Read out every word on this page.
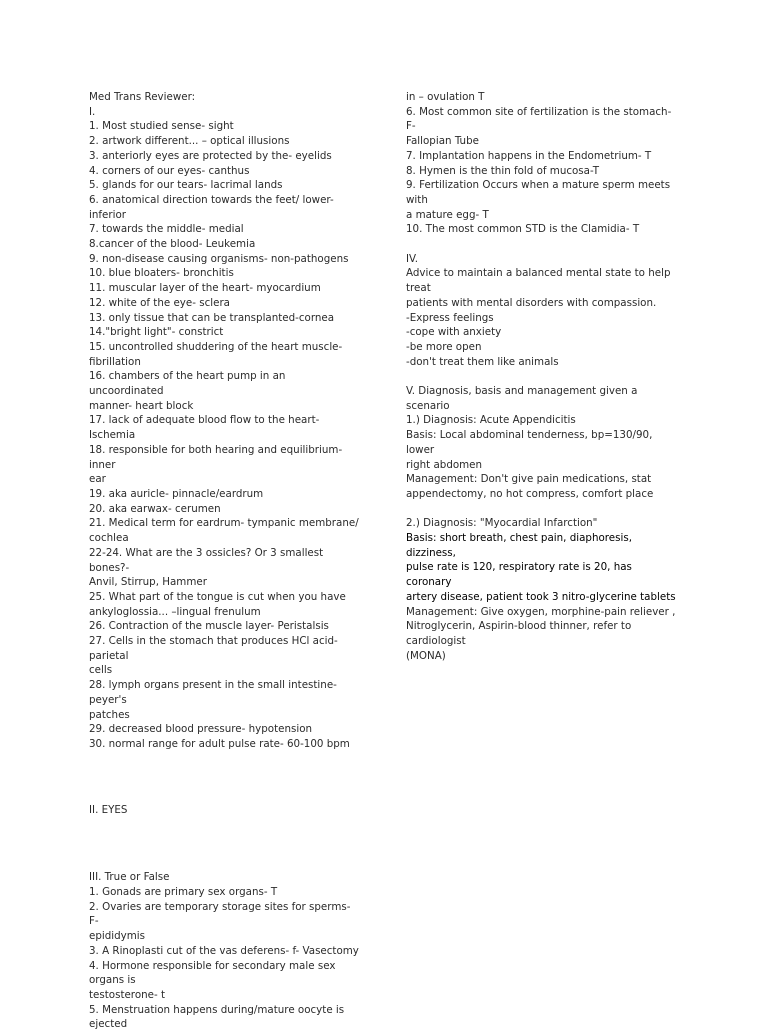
Med Trans Reviewer:

I.

1. Most studied sense- sight

2. artwork different... – optical illusions

3. anteriorly eyes are protected by the- eyelids

4. corners of our eyes- canthus

5. glands for our tears- lacrimal lands

6. anatomical direction towards the feet/ lower- inferior

7. towards the middle- medial

8.cancer of the blood- Leukemia

9. non-disease causing organisms- non-pathogens

10. blue bloaters- bronchitis

11. muscular layer of the heart- myocardium

12. white of the eye- sclera

13. only tissue that can be transplanted-cornea

14."bright light"- constrict

15. uncontrolled shuddering of the heart muscle-

fibrillation

16. chambers of the heart pump in an uncoordinated

manner- heart block

17. lack of adequate blood flow to the heart- Ischemia

18. responsible for both hearing and equilibrium- inner

ear

19. aka auricle- pinnacle/eardrum

20. aka earwax- cerumen

21. Medical term for eardrum- tympanic membrane/

cochlea

22-24. What are the 3 ossicles? Or 3 smallest bones?-

Anvil, Stirrup, Hammer

25. What part of the tongue is cut when you have

ankyloglossia... –lingual frenulum

26. Contraction of the muscle layer- Peristalsis

27. Cells in the stomach that produces HCl acid- parietal

cells

28. lymph organs present in the small intestine- peyer's

patches

29. decreased blood pressure- hypotension

30. normal range for adult pulse rate- 60-100 bpm

II. EYES

III. True or False

1. Gonads are primary sex organs- T

2. Ovaries are temporary storage sites for sperms- F-

epididymis

3. A Rinoplasti cut of the vas deferens- f- Vasectomy

4. Hormone responsible for secondary male sex organs is

testosterone- t

5. Menstruation happens during/mature oocyte is ejected

in – ovulation T

6. Most common site of fertilization is the stomach-F-

Fallopian Tube

7. Implantation happens in the Endometrium- T

8. Hymen is the thin fold of mucosa-T

9. Fertilization Occurs when a mature sperm meets with

a mature egg- T

10. The most common STD is the Clamidia- T

IV.

Advice to maintain a balanced mental state to help treat

patients with mental disorders with compassion.

-Express feelings

-cope with anxiety

-be more open

-don't treat them like animals

V. Diagnosis, basis and management given a scenario

1.) Diagnosis: Acute Appendicitis

Basis: Local abdominal tenderness, bp=130/90, lower

right abdomen

Management: Don't give pain medications, stat

appendectomy, no hot compress, comfort place

2.) Diagnosis: "Myocardial Infarction"

Basis: short breath, chest pain, diaphoresis, dizziness,

pulse rate is 120, respiratory rate is 20, has coronary

artery disease, patient took 3 nitro-glycerine tablets

Management: Give oxygen, morphine-pain reliever ,

Nitroglycerin, Aspirin-blood thinner, refer to cardiologist

(MONA)
